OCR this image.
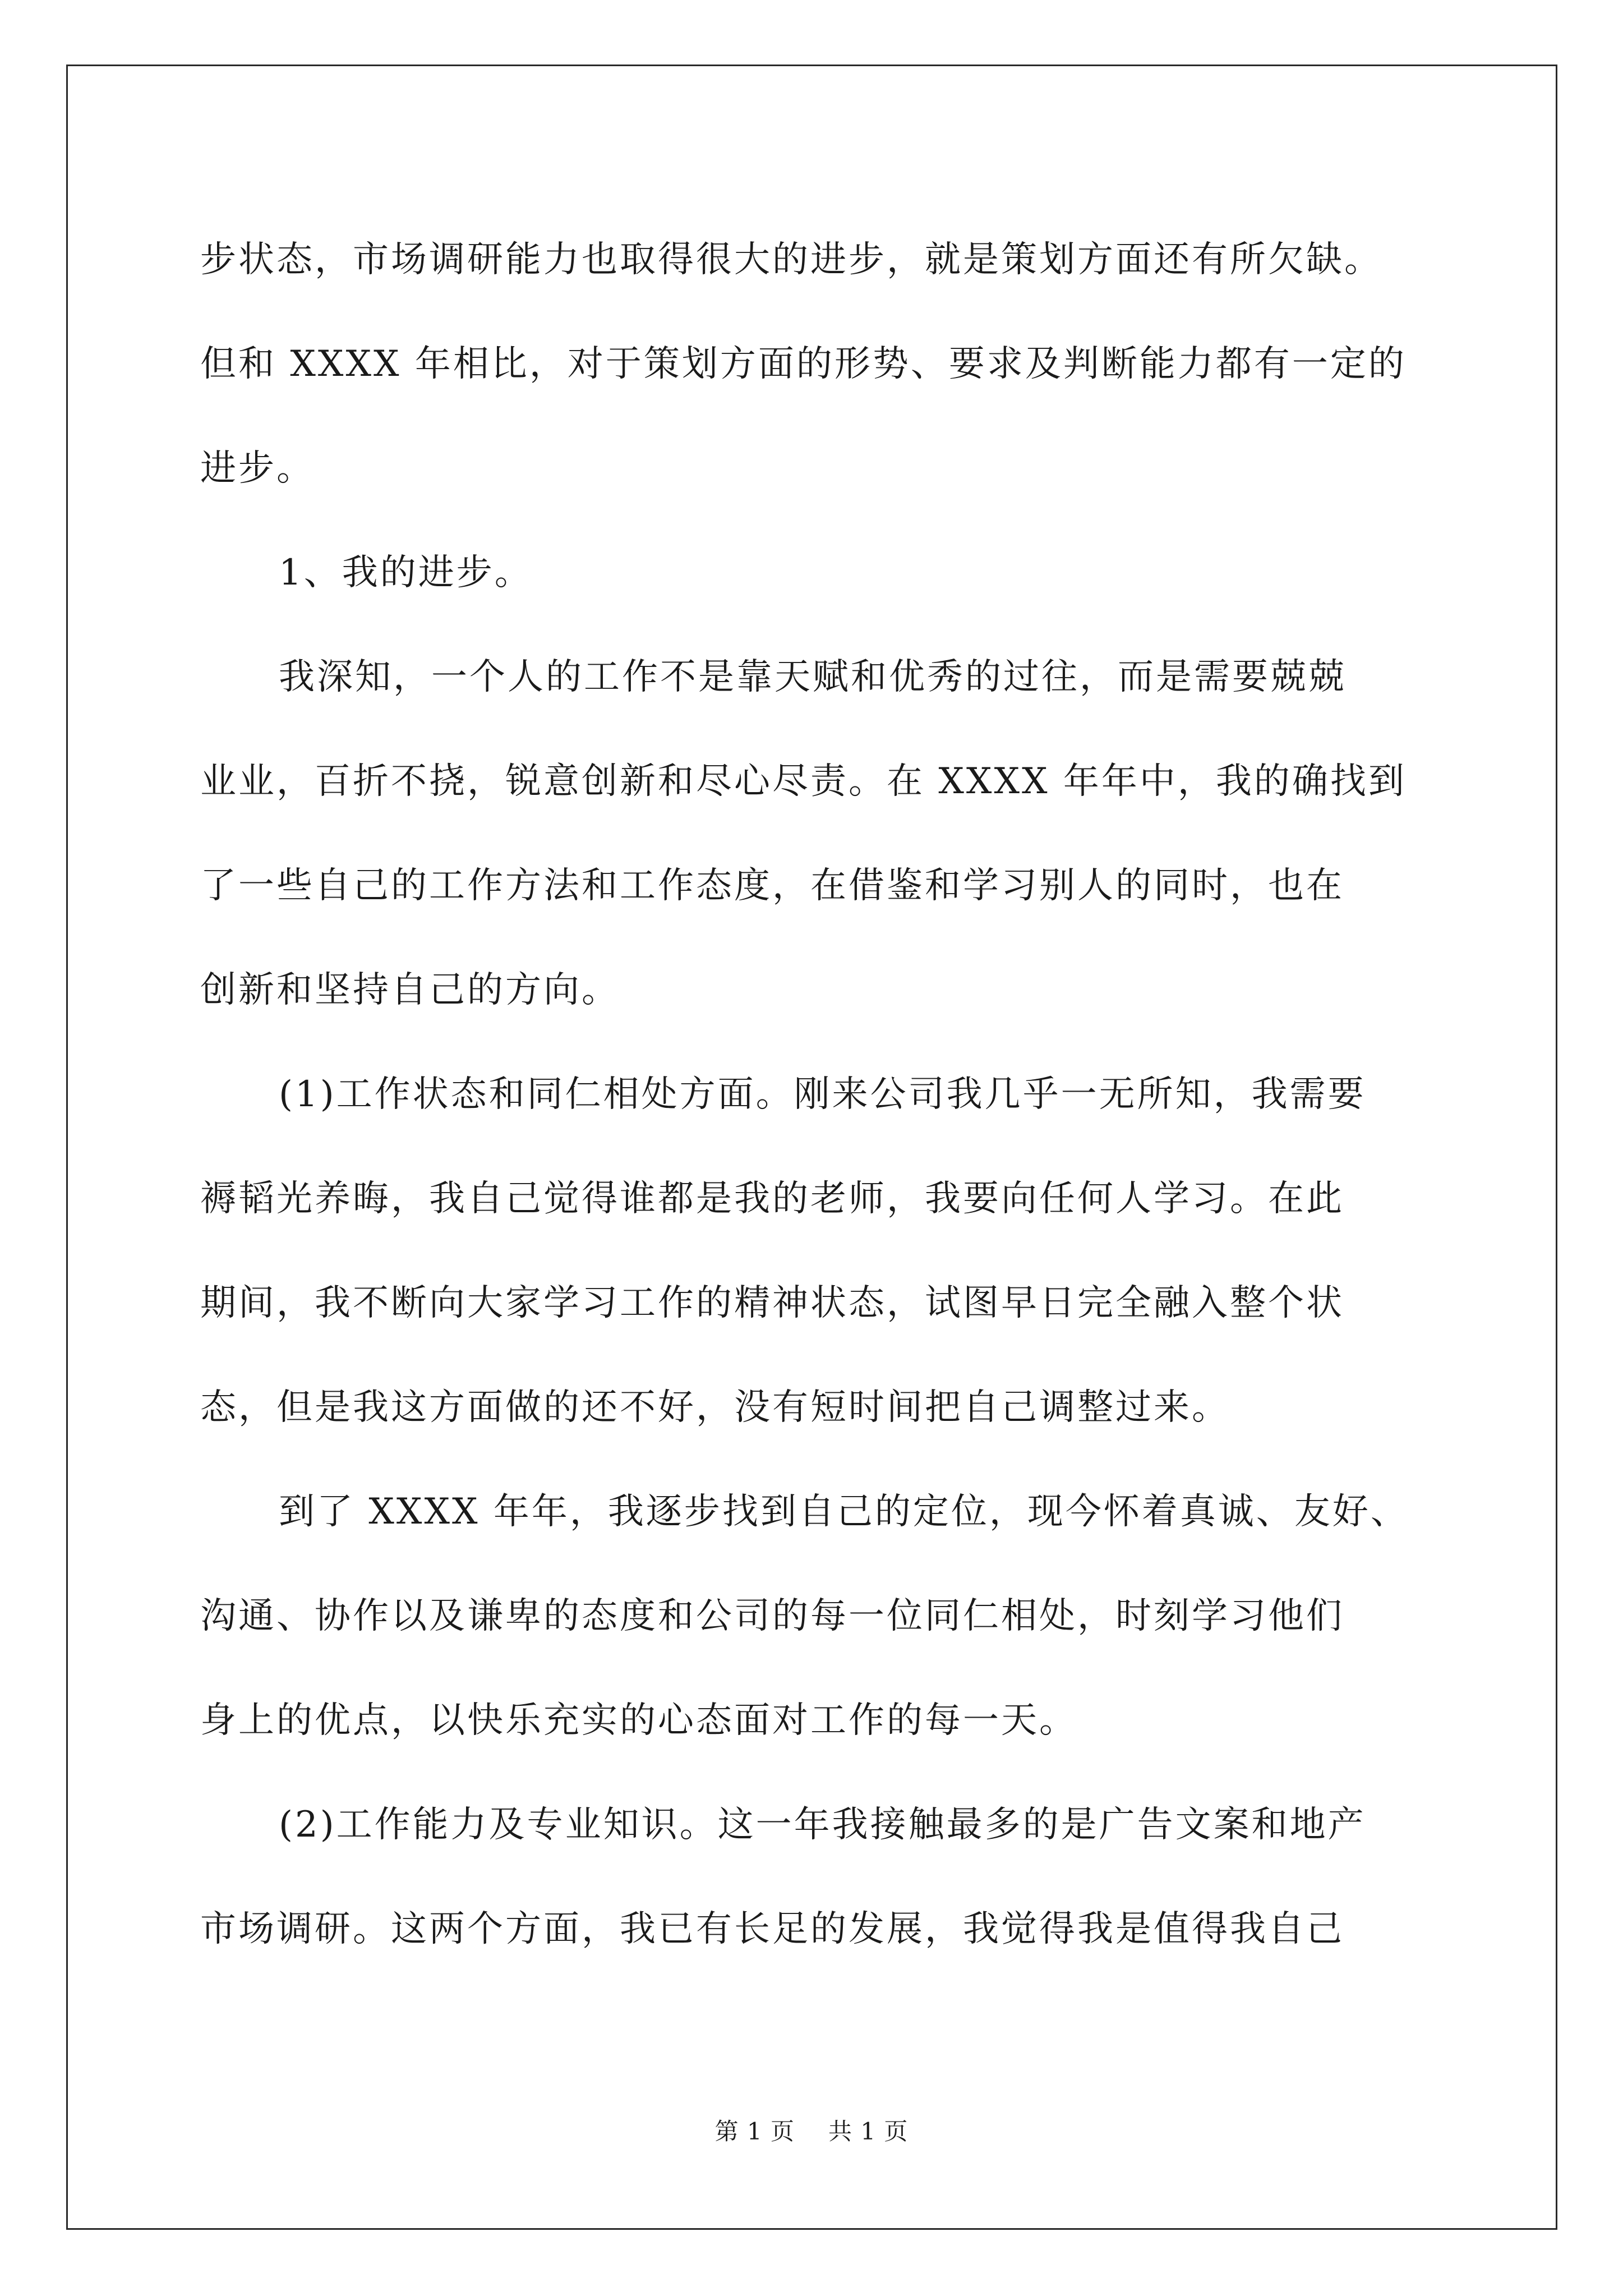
步状态，市场调研能力也取得很大的进步，就是策划方面还有所欠缺。
但和 XXXX 年相比，对于策划方面的形势、要求及判断能力都有一定的
进步。
1、我的进步。
我深知，一个人的工作不是靠天赋和优秀的过往，而是需要兢兢
业业，百折不挠，锐意创新和尽心尽责。在 XXXX 年年中，我的确找到
了一些自己的工作方法和工作态度，在借鉴和学习别人的同时，也在
创新和坚持自己的方向。
(1)工作状态和同仁相处方面。刚来公司我几乎一无所知，我需要
褥韬光养晦，我自己觉得谁都是我的老师，我要向任何人学习。在此
期间，我不断向大家学习工作的精神状态，试图早日完全融入整个状
态，但是我这方面做的还不好，没有短时间把自己调整过来。
到了 XXXX 年年，我逐步找到自己的定位，现今怀着真诚、友好、
沟通、协作以及谦卑的态度和公司的每一位同仁相处，时刻学习他们
身上的优点，以快乐充实的心态面对工作的每一天。
(2)工作能力及专业知识。这一年我接触最多的是广告文案和地产
市场调研。这两个方面，我已有长足的发展，我觉得我是值得我自己
第 1 页 共 1 页
